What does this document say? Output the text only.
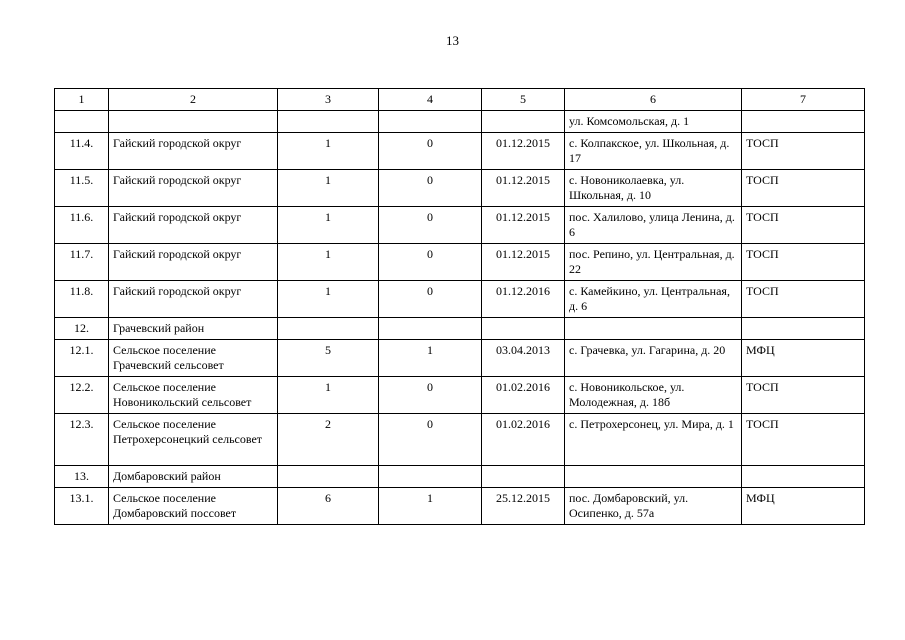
13
1	2	3	4	5	6	7
					ул. Комсомольская, д. 1	
11.4.	Гайский городской округ	1	0	01.12.2015	с. Колпакское, ул. Школьная, д. 17	ТОСП
11.5.	Гайский городской округ	1	0	01.12.2015	с. Новониколаевка, ул. Школьная, д. 10	ТОСП
11.6.	Гайский городской округ	1	0	01.12.2015	пос. Халилово, улица Ленина, д. 6	ТОСП
11.7.	Гайский городской округ	1	0	01.12.2015	пос. Репино, ул. Центральная, д. 22	ТОСП
11.8.	Гайский городской округ	1	0	01.12.2016	с. Камейкино, ул. Центральная, д. 6	ТОСП
12.	Грачевский район					
12.1.	Сельское поселение Грачевский сельсовет	5	1	03.04.2013	с. Грачевка, ул. Гагарина, д. 20	МФЦ
12.2.	Сельское поселение Новоникольский сельсовет	1	0	01.02.2016	с. Новоникольское, ул. Молодежная, д. 18б	ТОСП
12.3.	Сельское поселение Петрохерсонецкий сельсовет	2	0	01.02.2016	с. Петрохерсонец, ул. Мира, д. 1	ТОСП
13.	Домбаровский район					
13.1.	Сельское поселение Домбаровский поссовет	6	1	25.12.2015	пос. Домбаровский, ул. Осипенко, д. 57а	МФЦ
